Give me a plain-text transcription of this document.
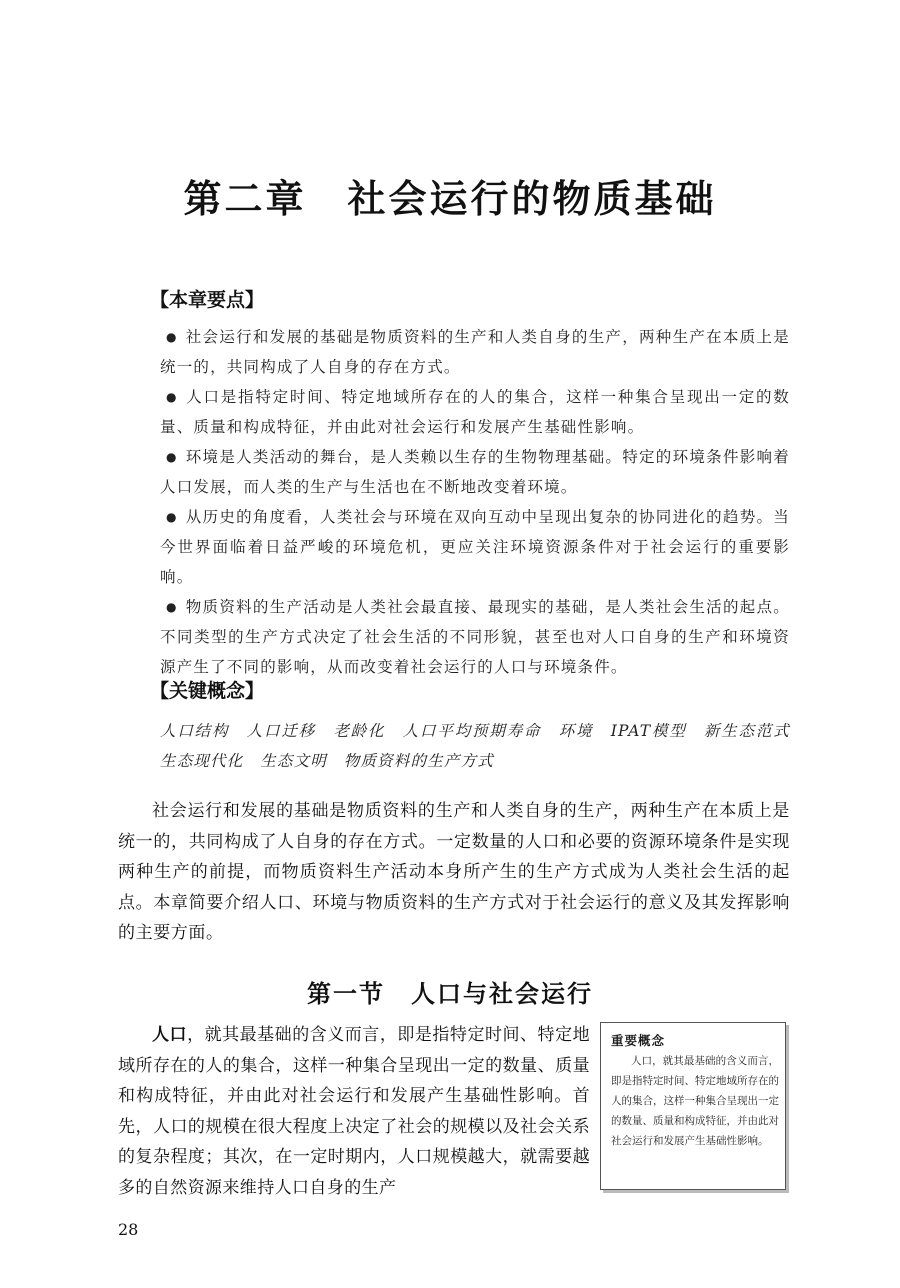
第二章　社会运行的物质基础
【本章要点】

● 社会运行和发展的基础是物质资料的生产和人类自身的生产，两种生产在本质上是统一的，共同构成了人自身的存在方式。

● 人口是指特定时间、特定地域所存在的人的集合，这样一种集合呈现出一定的数量、质量和构成特征，并由此对社会运行和发展产生基础性影响。

● 环境是人类活动的舞台，是人类赖以生存的生物物理基础。特定的环境条件影响着人口发展，而人类的生产与生活也在不断地改变着环境。

● 从历史的角度看，人类社会与环境在双向互动中呈现出复杂的协同进化的趋势。当今世界面临着日益严峻的环境危机，更应关注环境资源条件对于社会运行的重要影响。

● 物质资料的生产活动是人类社会最直接、最现实的基础，是人类社会生活的起点。不同类型的生产方式决定了社会生活的不同形貌，甚至也对人口自身的生产和环境资源产生了不同的影响，从而改变着社会运行的人口与环境条件。

【关键概念】
人口结构　人口迁移　老龄化　人口平均预期寿命　环境　IPAT模型　新生态范式　生态现代化　生态文明　物质资料的生产方式

社会运行和发展的基础是物质资料的生产和人类自身的生产，两种生产在本质上是统一的，共同构成了人自身的存在方式。一定数量的人口和必要的资源环境条件是实现两种生产的前提，而物质资料生产活动本身所产生的生产方式成为人类社会生活的起点。本章简要介绍人口、环境与物质资料的生产方式对于社会运行的意义及其发挥影响的主要方面。

第一节　人口与社会运行

人口，就其最基础的含义而言，即是指特定时间、特定地域所存在的人的集合，这样一种集合呈现出一定的数量、质量和构成特征，并由此对社会运行和发展产生基础性影响。首先，人口的规模在很大程度上决定了社会的规模以及社会关系的复杂程度；其次，在一定时期内，人口规模越大，就需要越多的自然资源来维持人口自身的生产

重要概念

人口，就其最基础的含义而言，即是指特定时间、特定地域所存在的人的集合，这样一种集合呈现出一定的数量、质量和构成特征，并由此对社会运行和发展产生基础性影响。

28
